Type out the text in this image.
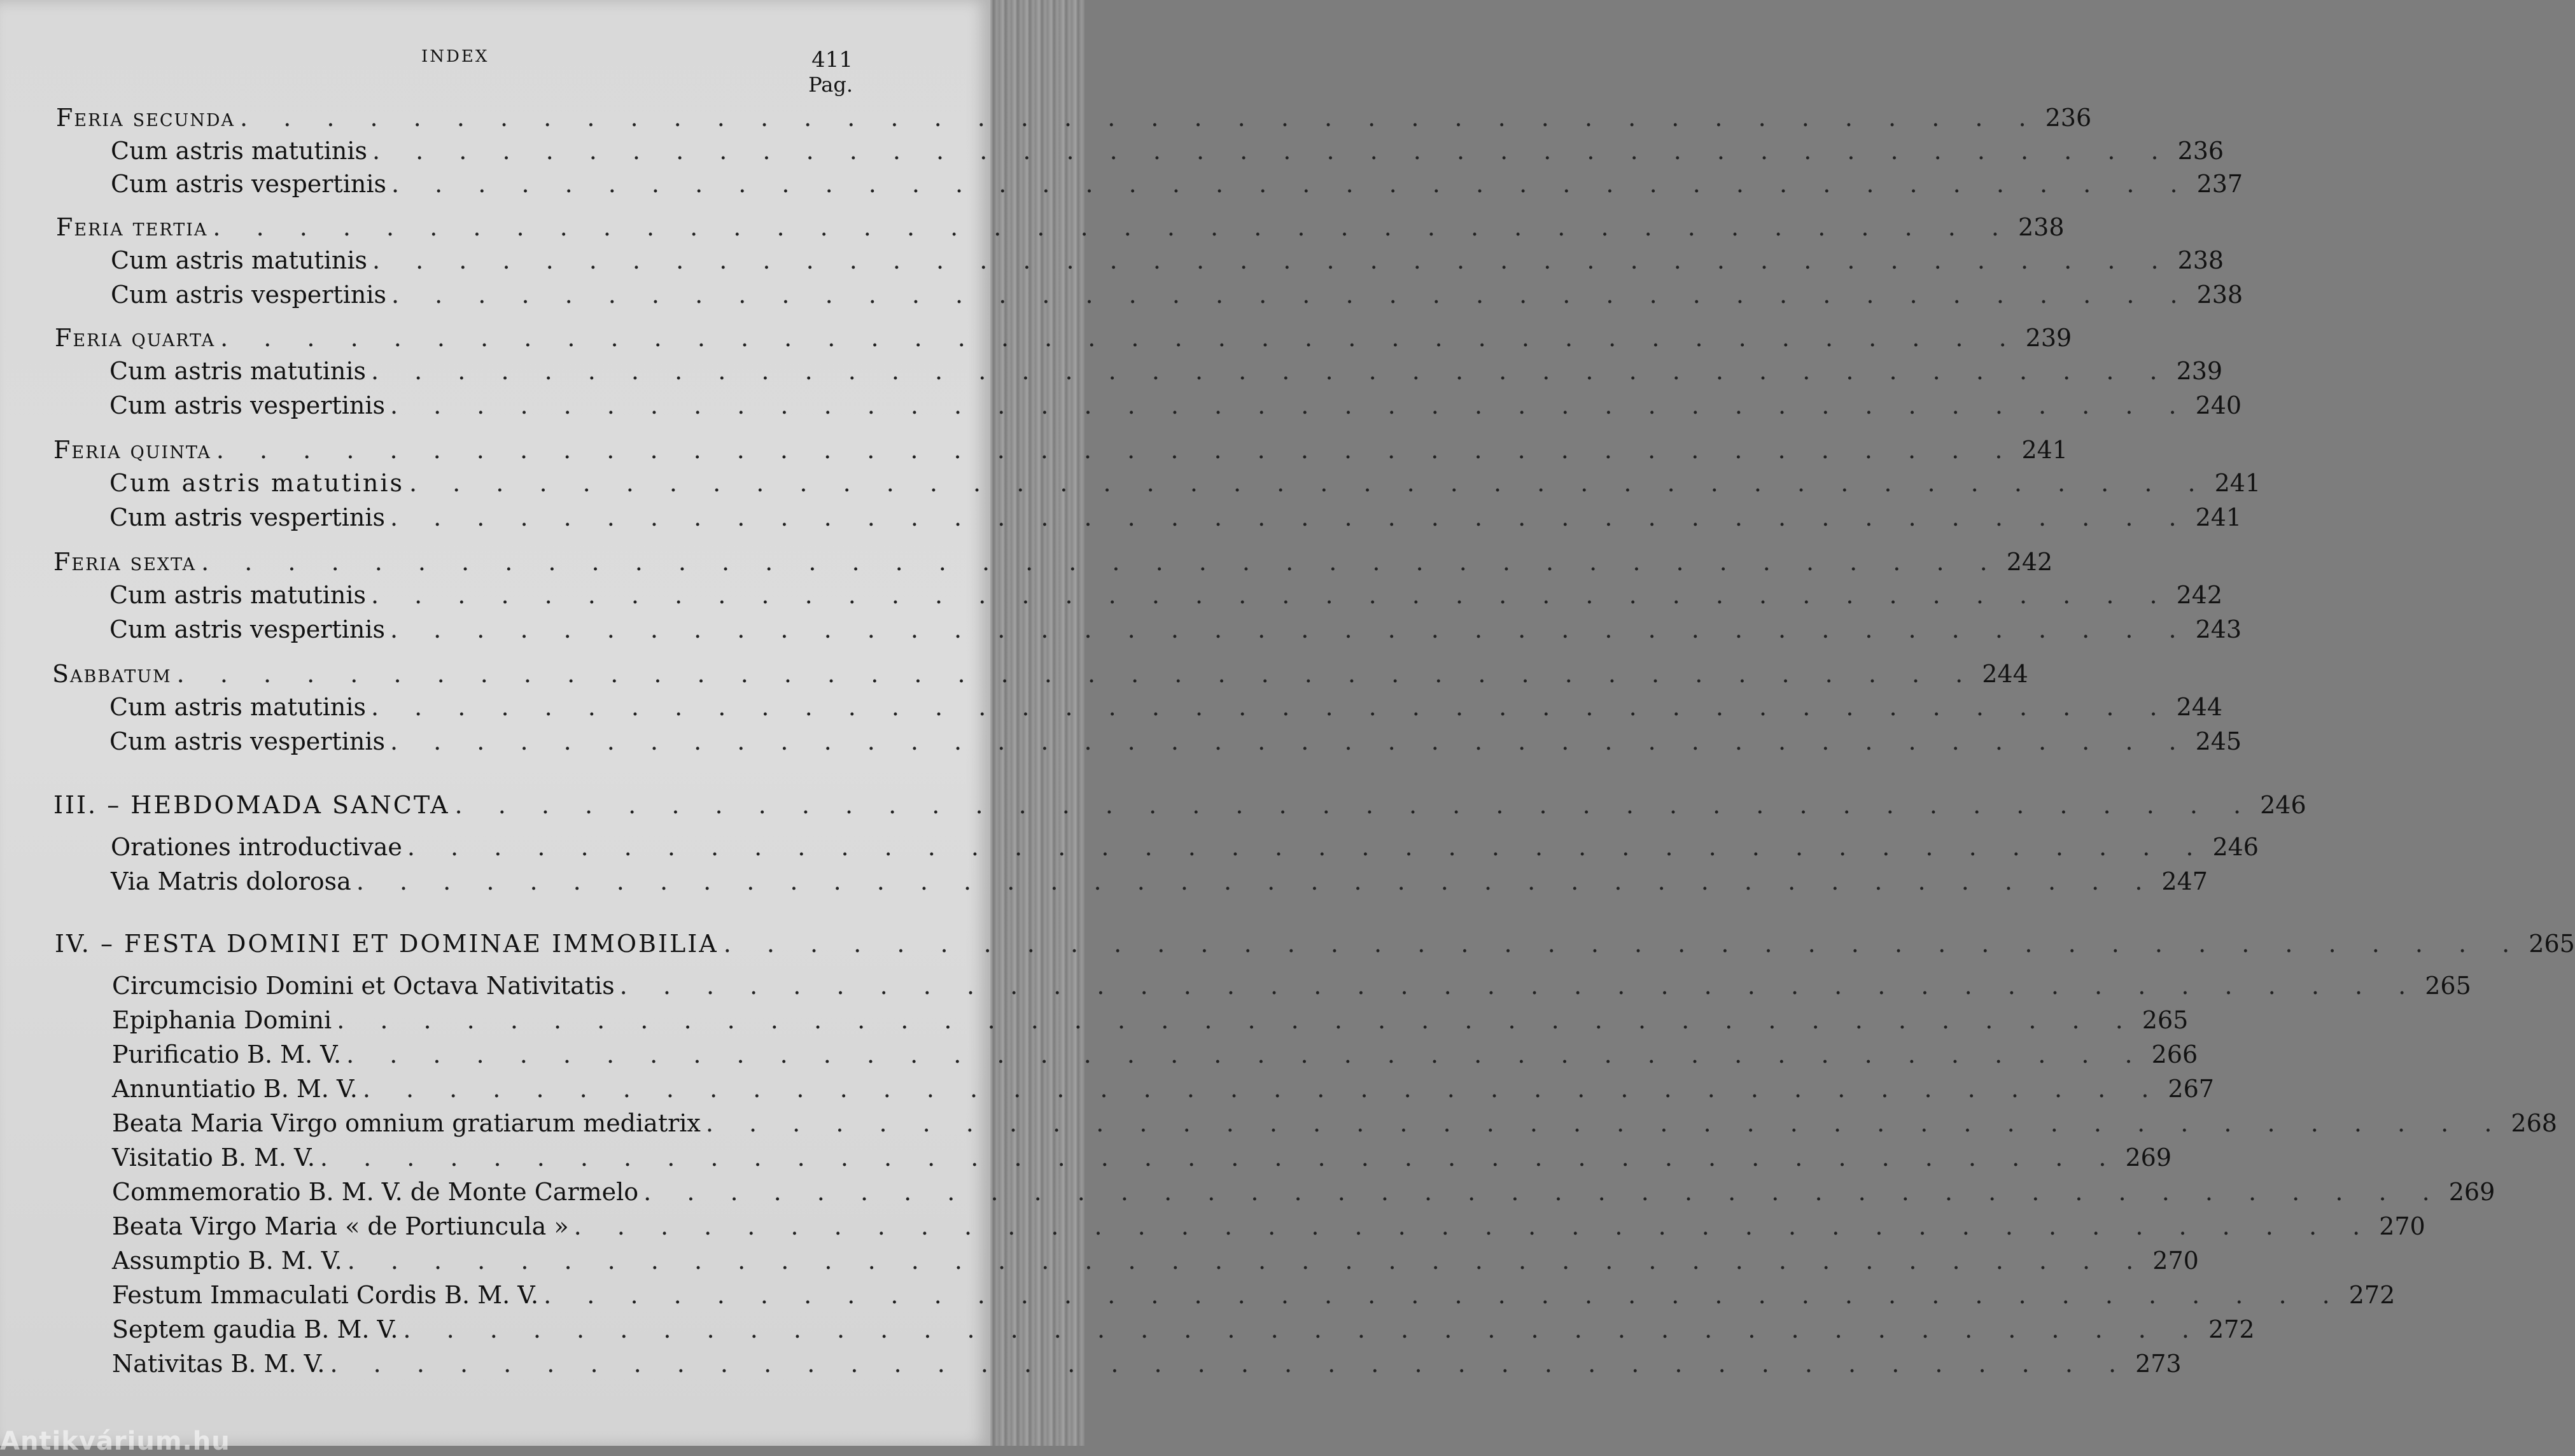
INDEX	411
Pag.
Feria secunda . . . . . . . . . . . . . . . . . . . . . . . . . . . . . . . . . . . . . . . . . . 236
Cum astris matutinis . . . . . . . . . . . . . . . . . . . . . . . . . . . . . . . . . . . . . . . . . . 236
Cum astris vespertinis . . . . . . . . . . . . . . . . . . . . . . . . . . . . . . . . . . . . . . . . . . 237
Feria tertia . . . . . . . . . . . . . . . . . . . . . . . . . . . . . . . . . . . . . . . . . . 238
Cum astris matutinis . . . . . . . . . . . . . . . . . . . . . . . . . . . . . . . . . . . . . . . . . . 238
Cum astris vespertinis . . . . . . . . . . . . . . . . . . . . . . . . . . . . . . . . . . . . . . . . . . 238
Feria quarta . . . . . . . . . . . . . . . . . . . . . . . . . . . . . . . . . . . . . . . . . . 239
Cum astris matutinis . . . . . . . . . . . . . . . . . . . . . . . . . . . . . . . . . . . . . . . . . . 239
Cum astris vespertinis . . . . . . . . . . . . . . . . . . . . . . . . . . . . . . . . . . . . . . . . . . 240
Feria quinta . . . . . . . . . . . . . . . . . . . . . . . . . . . . . . . . . . . . . . . . . . 241
Cum astris matutinis . . . . . . . . . . . . . . . . . . . . . . . . . . . . . . . . . . . . . . . . . . 241
Cum astris vespertinis . . . . . . . . . . . . . . . . . . . . . . . . . . . . . . . . . . . . . . . . . . 241
Feria sexta . . . . . . . . . . . . . . . . . . . . . . . . . . . . . . . . . . . . . . . . . . 242
Cum astris matutinis . . . . . . . . . . . . . . . . . . . . . . . . . . . . . . . . . . . . . . . . . . 242
Cum astris vespertinis . . . . . . . . . . . . . . . . . . . . . . . . . . . . . . . . . . . . . . . . . . 243
Sabbatum . . . . . . . . . . . . . . . . . . . . . . . . . . . . . . . . . . . . . . . . . . 244
Cum astris matutinis . . . . . . . . . . . . . . . . . . . . . . . . . . . . . . . . . . . . . . . . . . 244
Cum astris vespertinis . . . . . . . . . . . . . . . . . . . . . . . . . . . . . . . . . . . . . . . . . . 245
III. – HEBDOMADA SANCTA . . . . . . . . . . . . . . . . . . . . . . . . . . . . . . . . . . . . . . . . . . 246
Orationes introductivae . . . . . . . . . . . . . . . . . . . . . . . . . . . . . . . . . . . . . . . . . . 246
Via Matris dolorosa . . . . . . . . . . . . . . . . . . . . . . . . . . . . . . . . . . . . . . . . . . 247
IV. – FESTA DOMINI ET DOMINAE IMMOBILIA . . . . . . . . . . . . . . . . . . . . . . . . . . . . . . . . . . . . . . . . . . 265
Circumcisio Domini et Octava Nativitatis . . . . . . . . . . . . . . . . . . . . . . . . . . . . . . . . . . . . . . . . . . 265
Epiphania Domini . . . . . . . . . . . . . . . . . . . . . . . . . . . . . . . . . . . . . . . . . . 265
Purificatio B. M. V. . . . . . . . . . . . . . . . . . . . . . . . . . . . . . . . . . . . . . . . . . . 266
Annuntiatio B. M. V. . . . . . . . . . . . . . . . . . . . . . . . . . . . . . . . . . . . . . . . . . . 267
Beata Maria Virgo omnium gratiarum mediatrix . . . . . . . . . . . . . . . . . . . . . . . . . . . . . . . . . . . . . . . . . . 268
Visitatio B. M. V. . . . . . . . . . . . . . . . . . . . . . . . . . . . . . . . . . . . . . . . . . . 269
Commemoratio B. M. V. de Monte Carmelo . . . . . . . . . . . . . . . . . . . . . . . . . . . . . . . . . . . . . . . . . . 269
Beata Virgo Maria « de Portiuncula » . . . . . . . . . . . . . . . . . . . . . . . . . . . . . . . . . . . . . . . . . . 270
Assumptio B. M. V. . . . . . . . . . . . . . . . . . . . . . . . . . . . . . . . . . . . . . . . . . . 270
Festum Immaculati Cordis B. M. V. . . . . . . . . . . . . . . . . . . . . . . . . . . . . . . . . . . . . . . . . . . 272
Septem gaudia B. M. V. . . . . . . . . . . . . . . . . . . . . . . . . . . . . . . . . . . . . . . . . . . 272
Nativitas B. M. V. . . . . . . . . . . . . . . . . . . . . . . . . . . . . . . . . . . . . . . . . . . 273
Antikvárium.hu
